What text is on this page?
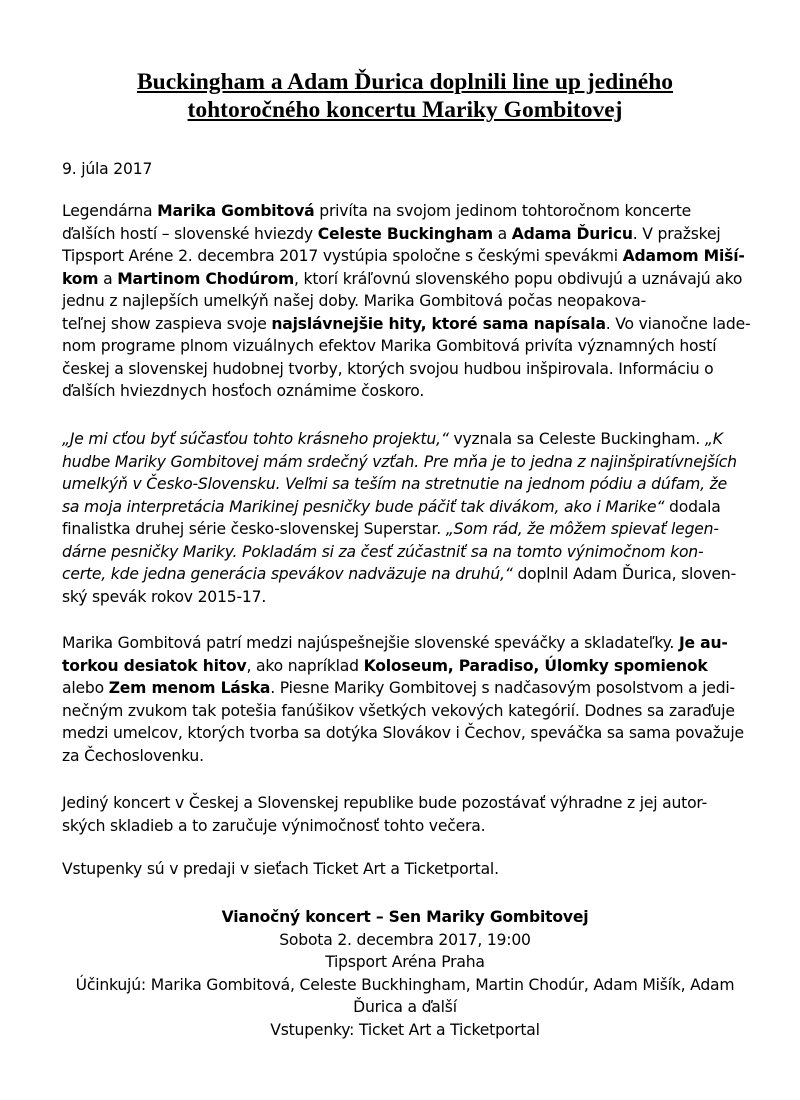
Buckingham a Adam Ďurica doplnili line up jediného
tohtoročného koncertu Mariky Gombitovej
9. júla 2017
Legendárna Marika Gombitová privíta na svojom jedinom tohtoročnom koncerte
ďalších hostí – slovenské hviezdy Celeste Buckingham a Adama Ďuricu. V pražskej
Tipsport Aréne 2. decembra 2017 vystúpia spoločne s českými spevákmi Adamom Miší-
kom a Martinom Chodúrom, ktorí kráľovnú slovenského popu obdivujú a uznávajú ako
jednu z najlepších umelkýň našej doby. Marika Gombitová počas neopakova-
teľnej show zaspieva svoje najslávnejšie hity, ktoré sama napísala. Vo vianočne lade-
nom programe plnom vizuálnych efektov Marika Gombitová privíta významných hostí
českej a slovenskej hudobnej tvorby, ktorých svojou hudbou inšpirovala. Informáciu o
ďalších hviezdnych hosťoch oznámime čoskoro.
„Je mi cťou byť súčasťou tohto krásneho projektu,“ vyznala sa Celeste Buckingham. „K
hudbe Mariky Gombitovej mám srdečný vzťah. Pre mňa je to jedna z najinšpiratívnejších
umelkýň v Česko-Slovensku. Veľmi sa teším na stretnutie na jednom pódiu a dúfam, že
sa moja interpretácia Marikinej pesničky bude páčiť tak divákom, ako i Marike“ dodala
finalistka druhej série česko-slovenskej Superstar. „Som rád, že môžem spievať legen-
dárne pesničky Mariky. Pokladám si za česť zúčastniť sa na tomto výnimočnom kon-
certe, kde jedna generácia spevákov nadväzuje na druhú,“ doplnil Adam Ďurica, sloven-
ský spevák rokov 2015-17.
Marika Gombitová patrí medzi najúspešnejšie slovenské speváčky a skladateľky. Je au-
torkou desiatok hitov, ako napríklad Koloseum, Paradiso, Úlomky spomienok
alebo Zem menom Láska. Piesne Mariky Gombitovej s nadčasovým posolstvom a jedi-
nečným zvukom tak potešia fanúšikov všetkých vekových kategórií. Dodnes sa zaraďuje
medzi umelcov, ktorých tvorba sa dotýka Slovákov i Čechov, speváčka sa sama považuje
za Čechoslovenku.
Jediný koncert v Českej a Slovenskej republike bude pozostávať výhradne z jej autor-
ských skladieb a to zaručuje výnimočnosť tohto večera.
Vstupenky sú v predaji v sieťach Ticket Art a Ticketportal.
Vianočný koncert – Sen Mariky Gombitovej
Sobota 2. decembra 2017, 19:00
Tipsport Aréna Praha
Účinkujú: Marika Gombitová, Celeste Buckhingham, Martin Chodúr, Adam Mišík, Adam
Ďurica a ďalší
Vstupenky: Ticket Art a Ticketportal
